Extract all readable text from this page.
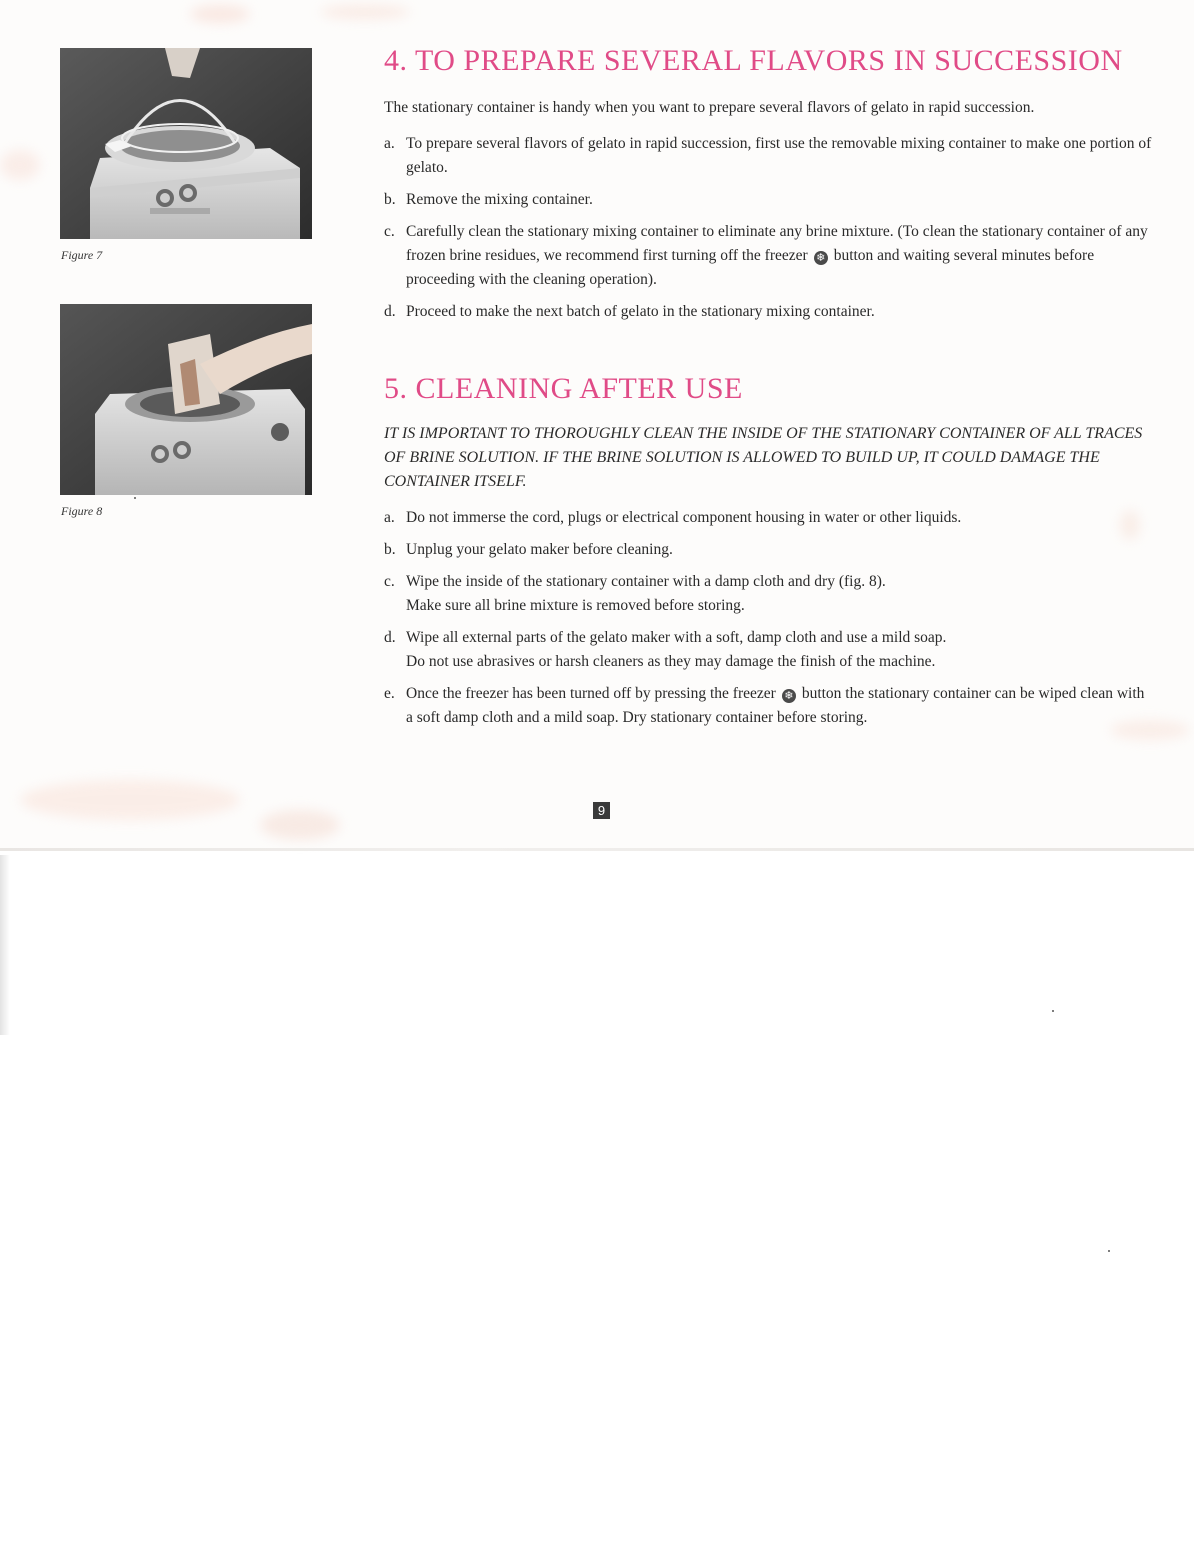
Figure 7
Figure 8
4. TO PREPARE SEVERAL FLAVORS IN SUCCESSION

The stationary container is handy when you want to prepare several flavors of gelato in rapid succession.

a. To prepare several flavors of gelato in rapid succession, first use the removable mixing container to make one portion of gelato.
b. Remove the mixing container.
c. Carefully clean the stationary mixing container to eliminate any brine mixture. (To clean the stationary container of any frozen brine residues, we recommend first turning off the freezer ❄ button and waiting several minutes before proceeding with the cleaning operation).
d. Proceed to make the next batch of gelato in the stationary mixing container.
5. CLEANING AFTER USE

IT IS IMPORTANT TO THOROUGHLY CLEAN THE INSIDE OF THE STATIONARY CONTAINER OF ALL TRACES OF BRINE SOLUTION. IF THE BRINE SOLUTION IS ALLOWED TO BUILD UP, IT COULD DAMAGE THE CONTAINER ITSELF.

a. Do not immerse the cord, plugs or electrical component housing in water or other liquids.
b. Unplug your gelato maker before cleaning.
c. Wipe the inside of the stationary container with a damp cloth and dry (fig. 8).
Make sure all brine mixture is removed before storing.
d. Wipe all external parts of the gelato maker with a soft, damp cloth and use a mild soap.
Do not use abrasives or harsh cleaners as they may damage the finish of the machine.
e. Once the freezer has been turned off by pressing the freezer ❄ button the stationary container can be wiped clean with a soft damp cloth and a mild soap. Dry stationary container before storing.
9
